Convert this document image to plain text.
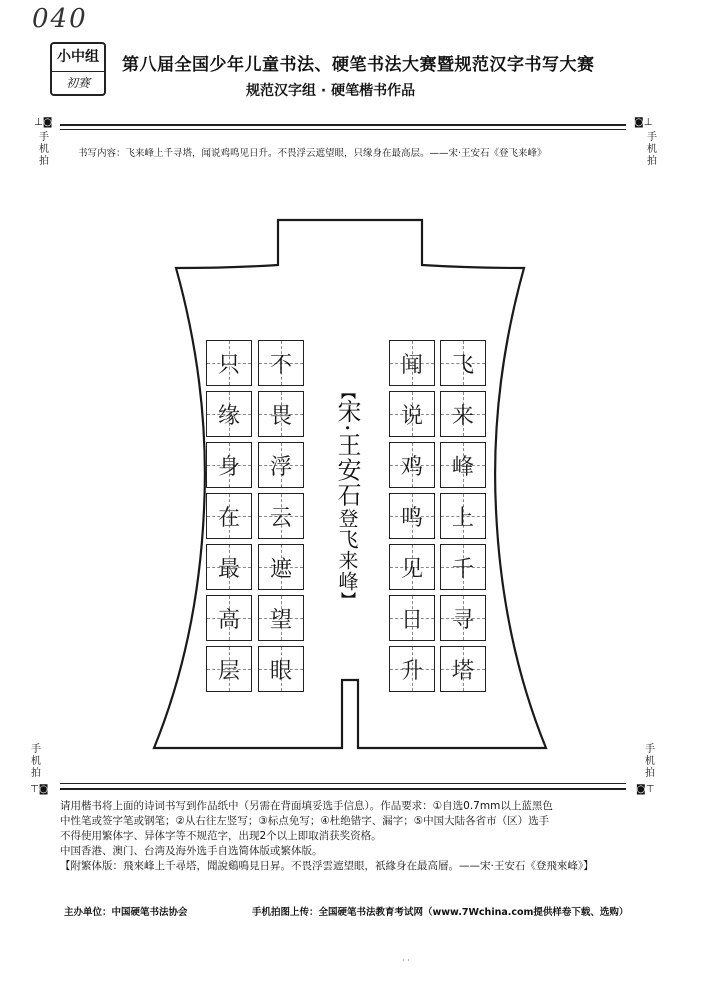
040
小中组
初赛
第八届全国少年儿童书法、硬笔书法大赛暨规范汉字书写大赛
规范汉字组 · 硬笔楷书作品
⊥◙
手机拍
◙⊥
手机拍
书写内容：飞来峰上千寻塔，闻说鸡鸣见日升。不畏浮云遮望眼，只缘身在最高层。——宋·王安石《登飞来峰》
飞
来
峰
上
千
寻
塔
闻
说
鸡
鸣
见
日
升
不
畏
浮
云
遮
望
眼
只
缘
身
在
最
高
层
【
宋·王安石
登飞来峰
】
手机拍
⊤◙
手机拍
◙⊤
请用楷书将上面的诗词书写到作品纸中（另需在背面填妥选手信息）。作品要求：①自选0.7mm以上蓝黑色
中性笔或签字笔或钢笔；②从右往左竖写；③标点免写；④杜绝错字、漏字；⑤中国大陆各省市（区）选手
不得使用繁体字、异体字等不规范字，出现2个以上即取消获奖资格。
中国香港、澳门、台湾及海外选手自选简体版或繁体版。
【附繁体版：飛來峰上千尋塔，聞說鷄鳴見日昇。不畏浮雲遮望眼，祇緣身在最高層。——宋·王安石《登飛來峰》】
主办单位：中国硬笔书法协会	手机拍图上传：全国硬笔书法教育考试网（www.7Wchina.com提供样卷下载、选购）
· ·
